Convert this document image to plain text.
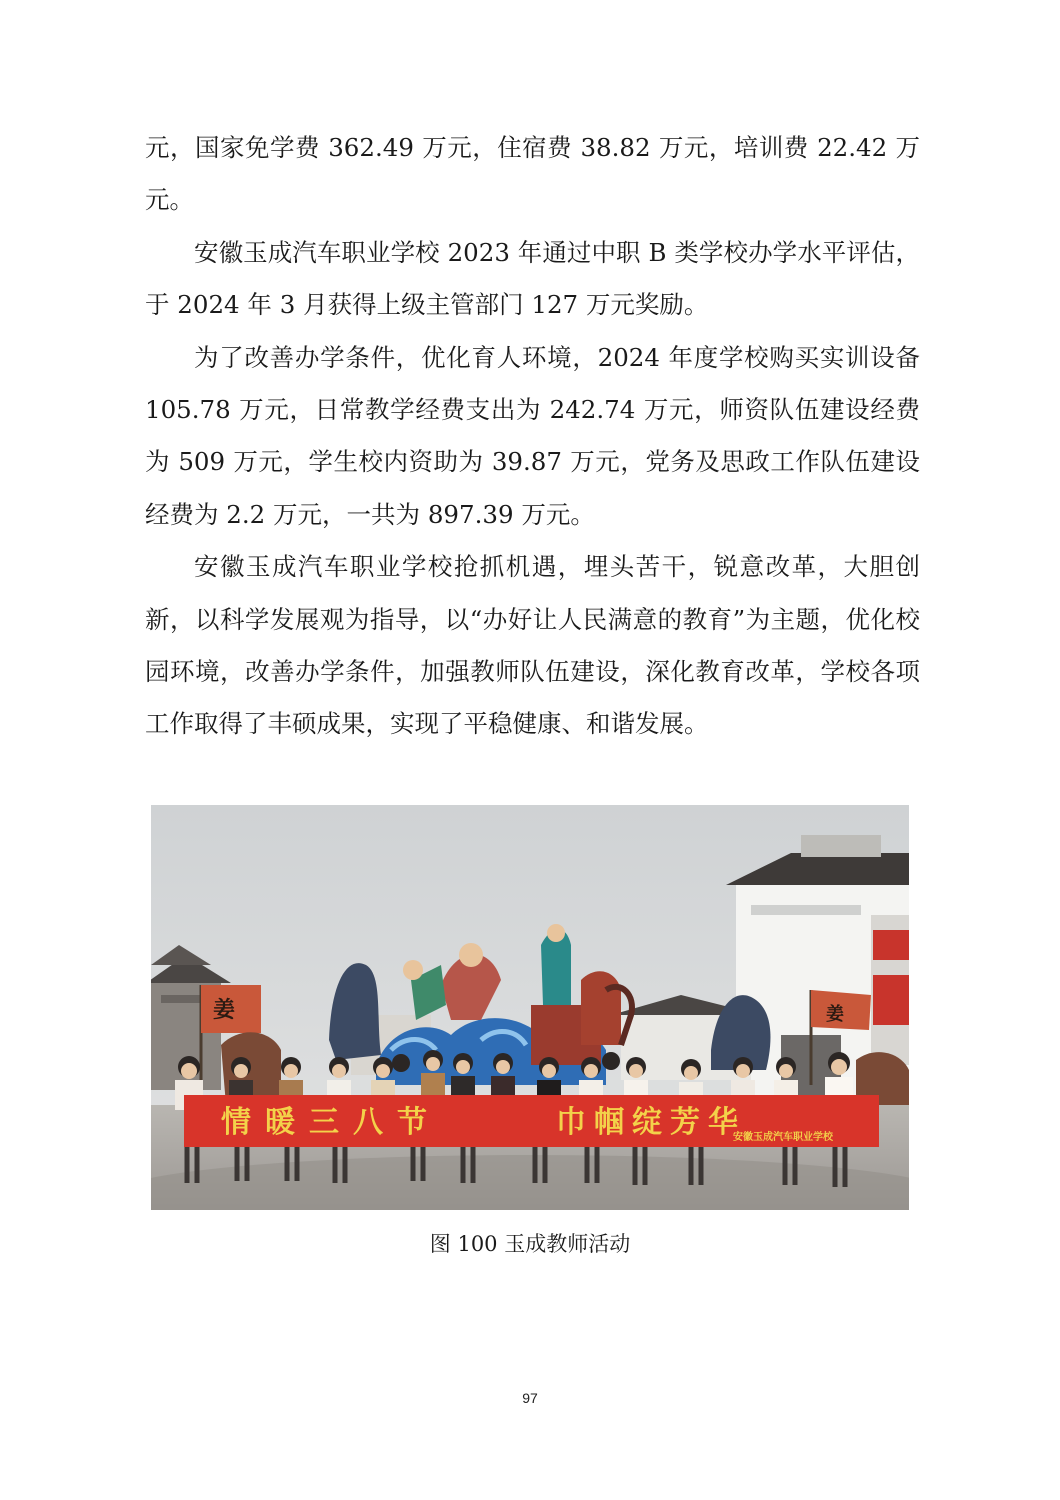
元，国家免学费 362.49 万元，住宿费 38.82 万元，培训费 22.42 万元。

安徽玉成汽车职业学校 2023 年通过中职 B 类学校办学水平评估，于 2024 年 3 月获得上级主管部门 127 万元奖励。

为了改善办学条件，优化育人环境，2024 年度学校购买实训设备 105.78 万元，日常教学经费支出为 242.74 万元，师资队伍建设经费为 509 万元，学生校内资助为 39.87 万元，党务及思政工作队伍建设经费为 2.2 万元，一共为 897.39 万元。

安徽玉成汽车职业学校抢抓机遇，埋头苦干，锐意改革，大胆创新，以科学发展观为指导，以“办好让人民满意的教育”为主题，优化校园环境，改善办学条件，加强教师队伍建设，深化教育改革，学校各项工作取得了丰硕成果，实现了平稳健康、和谐发展。

姜	姜
情暖三八节	巾帼绽芳华
安徽玉成汽车职业学校
图 100 玉成教师活动
97
